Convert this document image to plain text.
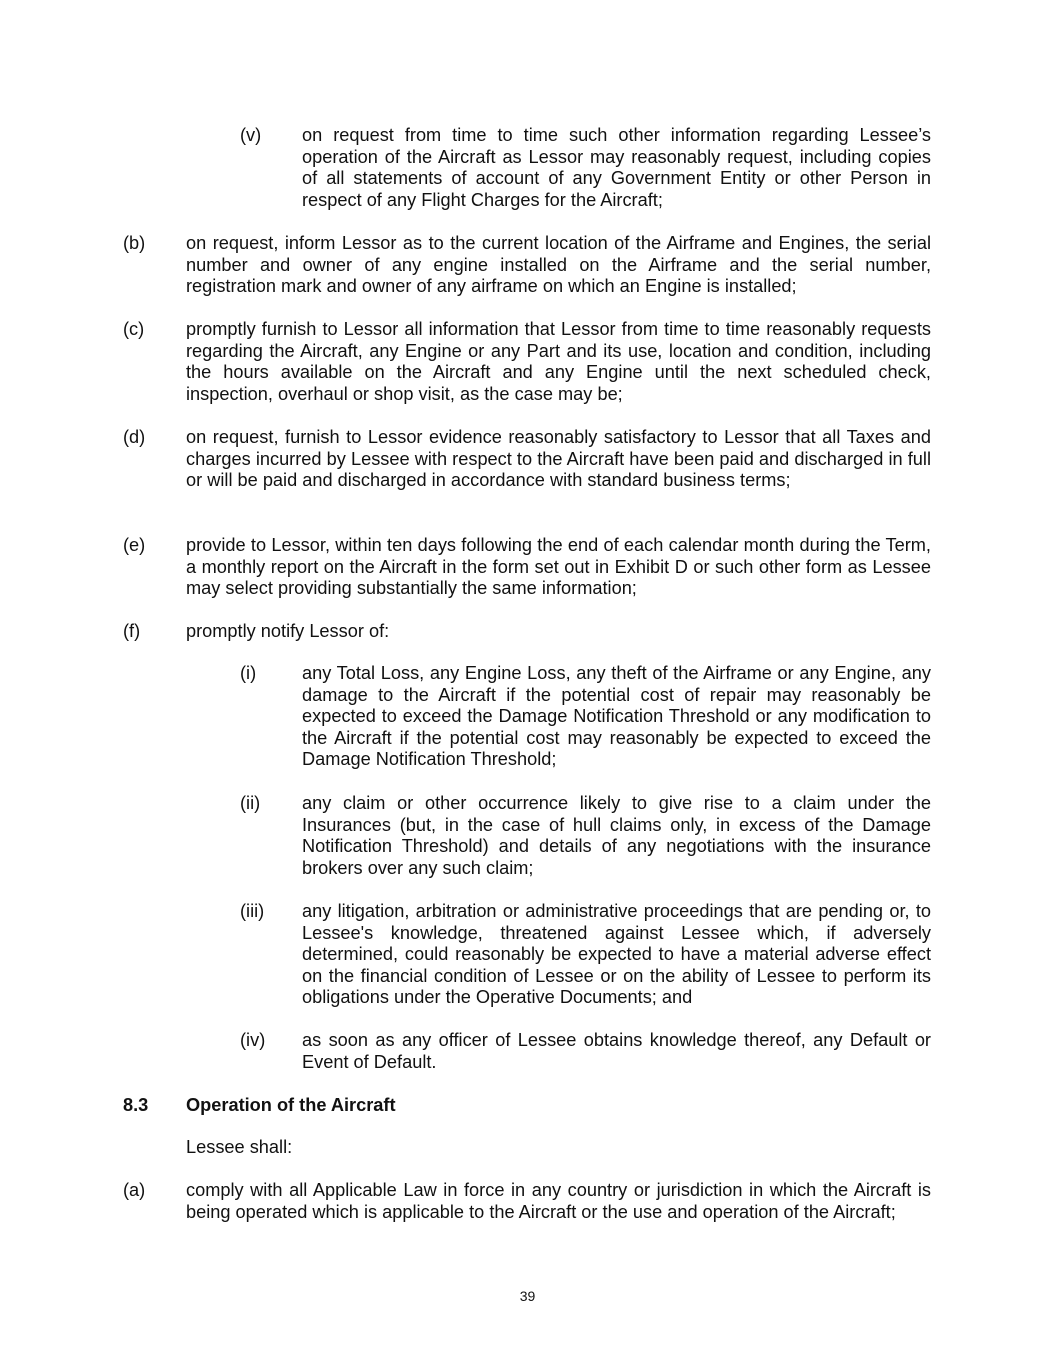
(v) on request from time to time such other information regarding Lessee’s operation of the Aircraft as Lessor may reasonably request, including copies of all statements of account of any Government Entity or other Person in respect of any Flight Charges for the Aircraft;
(b) on request, inform Lessor as to the current location of the Airframe and Engines, the serial number and owner of any engine installed on the Airframe and the serial number, registration mark and owner of any airframe on which an Engine is installed;
(c) promptly furnish to Lessor all information that Lessor from time to time reasonably requests regarding the Aircraft, any Engine or any Part and its use, location and condition, including the hours available on the Aircraft and any Engine until the next scheduled check, inspection, overhaul or shop visit, as the case may be;
(d) on request, furnish to Lessor evidence reasonably satisfactory to Lessor that all Taxes and charges incurred by Lessee with respect to the Aircraft have been paid and discharged in full or will be paid and discharged in accordance with standard business terms;
(e) provide to Lessor, within ten days following the end of each calendar month during the Term, a monthly report on the Aircraft in the form set out in Exhibit D or such other form as Lessee may select providing substantially the same information;
(f)	promptly notify Lessor of:
(i)	any Total Loss, any Engine Loss, any theft of the Airframe or any Engine, any damage to the Aircraft if the potential cost of repair may reasonably be expected to exceed the Damage Notification Threshold or any modification to the Aircraft if the potential cost may reasonably be expected to exceed the Damage Notification Threshold;
(ii) any claim or other occurrence likely to give rise to a claim under the Insurances (but, in the case of hull claims only, in excess of the Damage Notification Threshold) and details of any negotiations with the insurance brokers over any such claim;
(iii) any litigation, arbitration or administrative proceedings that are pending or, to Lessee's knowledge, threatened against Lessee which, if adversely determined, could reasonably be expected to have a material adverse effect on the financial condition of Lessee or on the ability of Lessee to perform its obligations under the Operative Documents; and
(iv) as soon as any officer of Lessee obtains knowledge thereof, any Default or Event of Default.
8.3 Operation of the Aircraft
Lessee shall:
(a) comply with all Applicable Law in force in any country or jurisdiction in which the Aircraft is being operated which is applicable to the Aircraft or the use and operation of the Aircraft;
39
